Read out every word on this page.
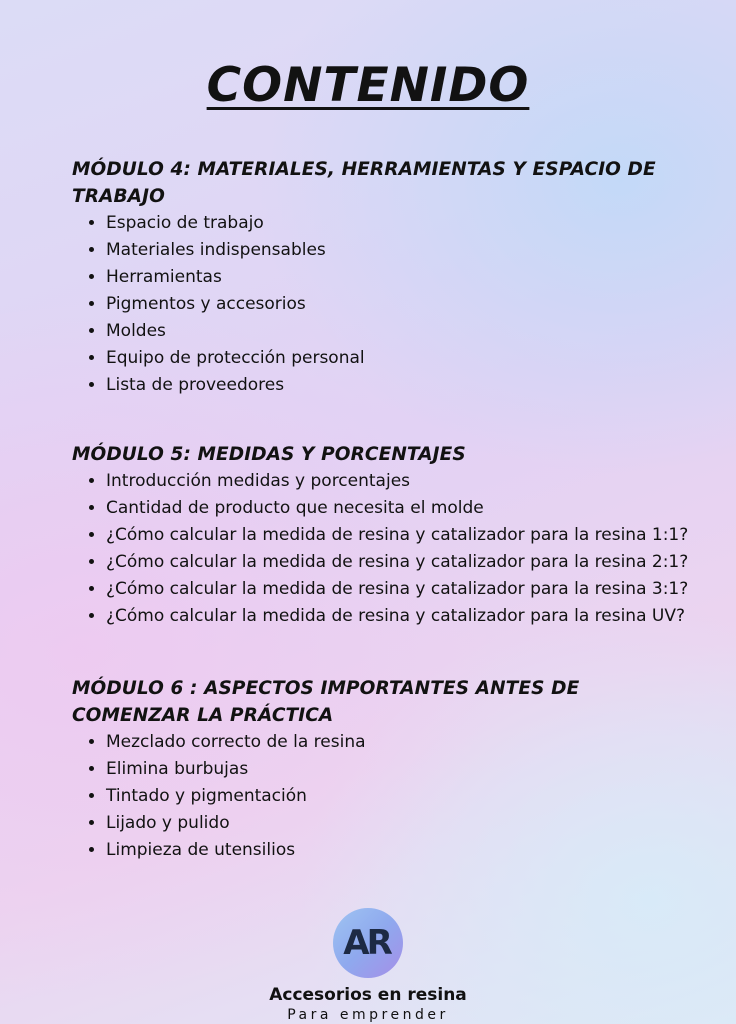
CONTENIDO
MÓDULO 4: MATERIALES, HERRAMIENTAS Y ESPACIO DE TRABAJO
• Espacio de trabajo
• Materiales indispensables
• Herramientas
• Pigmentos y accesorios
• Moldes
• Equipo de protección personal
• Lista de proveedores
MÓDULO 5: MEDIDAS Y PORCENTAJES
• Introducción medidas y porcentajes
• Cantidad de producto que necesita el molde
• ¿Cómo calcular la medida de resina y catalizador para la resina 1:1?
• ¿Cómo calcular la medida de resina y catalizador para la resina 2:1?
• ¿Cómo calcular la medida de resina y catalizador para la resina 3:1?
• ¿Cómo calcular la medida de resina y catalizador para la resina UV?
MÓDULO 6 : ASPECTOS IMPORTANTES ANTES DE COMENZAR LA PRÁCTICA
• Mezclado correcto de la resina
• Elimina burbujas
• Tintado y pigmentación
• Lijado y pulido
• Limpieza de utensilios
AR
Accesorios en resina
Para emprender
